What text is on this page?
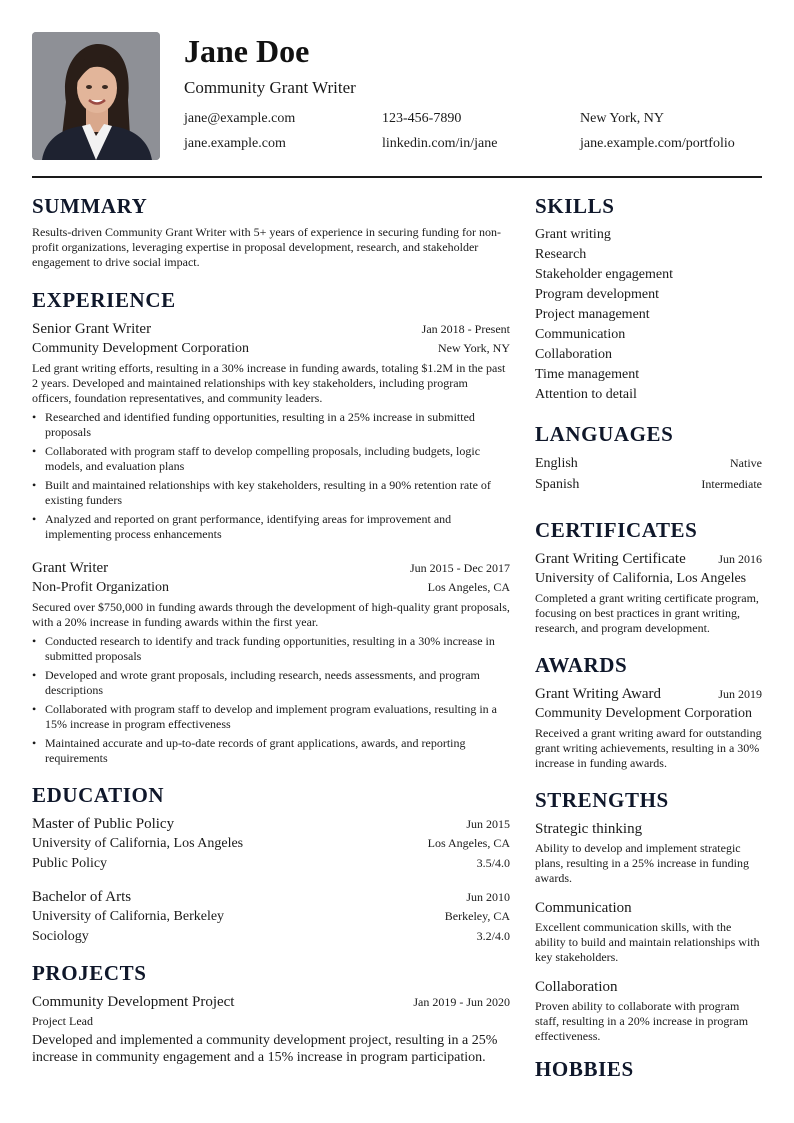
Jane Doe
Community Grant Writer
jane@example.com	123-456-7890	New York, NY
jane.example.com	linkedin.com/in/jane	jane.example.com/portfolio
SUMMARY
Results-driven Community Grant Writer with 5+ years of experience in securing funding for non-profit organizations, leveraging expertise in proposal development, research, and stakeholder engagement to drive social impact.
EXPERIENCE
Senior Grant Writer	Jan 2018 - Present
Community Development Corporation	New York, NY
Led grant writing efforts, resulting in a 30% increase in funding awards, totaling $1.2M in the past 2 years. Developed and maintained relationships with key stakeholders, including program officers, foundation representatives, and community leaders.
• Researched and identified funding opportunities, resulting in a 25% increase in submitted proposals
• Collaborated with program staff to develop compelling proposals, including budgets, logic models, and evaluation plans
• Built and maintained relationships with key stakeholders, resulting in a 90% retention rate of existing funders
• Analyzed and reported on grant performance, identifying areas for improvement and implementing process enhancements
Grant Writer	Jun 2015 - Dec 2017
Non-Profit Organization	Los Angeles, CA
Secured over $750,000 in funding awards through the development of high-quality grant proposals, with a 20% increase in funding awards within the first year.
• Conducted research to identify and track funding opportunities, resulting in a 30% increase in submitted proposals
• Developed and wrote grant proposals, including research, needs assessments, and program descriptions
• Collaborated with program staff to develop and implement program evaluations, resulting in a 15% increase in program effectiveness
• Maintained accurate and up-to-date records of grant applications, awards, and reporting requirements
EDUCATION
Master of Public Policy	Jun 2015
University of California, Los Angeles	Los Angeles, CA
Public Policy	3.5/4.0
Bachelor of Arts	Jun 2010
University of California, Berkeley	Berkeley, CA
Sociology	3.2/4.0
PROJECTS
Community Development Project	Jan 2019 - Jun 2020
Project Lead
Developed and implemented a community development project, resulting in a 25% increase in community engagement and a 15% increase in program participation.
SKILLS
Grant writing
Research
Stakeholder engagement
Program development
Project management
Communication
Collaboration
Time management
Attention to detail
LANGUAGES
English	Native
Spanish	Intermediate
CERTIFICATES
Grant Writing Certificate	Jun 2016
University of California, Los Angeles
Completed a grant writing certificate program, focusing on best practices in grant writing, research, and program development.
AWARDS
Grant Writing Award	Jun 2019
Community Development Corporation
Received a grant writing award for outstanding grant writing achievements, resulting in a 30% increase in funding awards.
STRENGTHS
Strategic thinking
Ability to develop and implement strategic plans, resulting in a 25% increase in funding awards.
Communication
Excellent communication skills, with the ability to build and maintain relationships with key stakeholders.
Collaboration
Proven ability to collaborate with program staff, resulting in a 20% increase in program effectiveness.
HOBBIES
